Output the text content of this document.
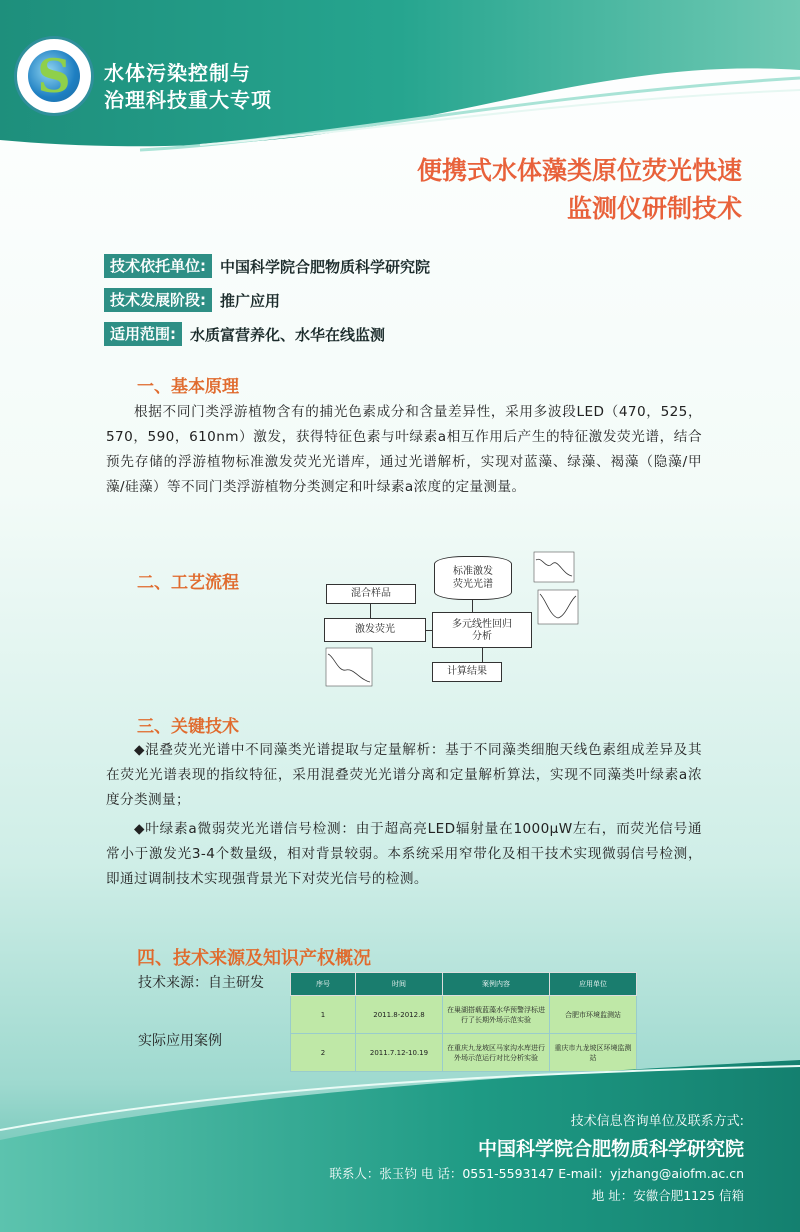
S 水体污染控制与
治理科技重大专项
便携式水体藻类原位荧光快速
监测仪研制技术
技术依托单位: 中国科学院合肥物质科学研究院
技术发展阶段: 推广应用
适用范围: 水质富营养化、水华在线监测
一、基本原理

根据不同门类浮游植物含有的捕光色素成分和含量差异性，采用多波段LED（470，525，570，590，610nm）激发，获得特征色素与叶绿素a相互作用后产生的特征激发荧光谱，结合预先存储的浮游植物标准激发荧光光谱库，通过光谱解析，实现对蓝藻、绿藻、褐藻（隐藻/甲藻/硅藻）等不同门类浮游植物分类测定和叶绿素a浓度的定量测量。

二、工艺流程
混合样品
激发荧光
标准激发
荧光光谱
多元线性回归
分析
计算结果
三、关键技术

◆混叠荧光光谱中不同藻类光谱提取与定量解析：基于不同藻类细胞天线色素组成差异及其在荧光光谱表现的指纹特征，采用混叠荧光光谱分离和定量解析算法，实现不同藻类叶绿素a浓度分类测量；

◆叶绿素a微弱荧光光谱信号检测：由于超高亮LED辐射量在1000μW左右，而荧光信号通常小于激发光3-4个数量级，相对背景较弱。本系统采用窄带化及相干技术实现微弱信号检测，即通过调制技术实现强背景光下对荧光信号的检测。

四、技术来源及知识产权概况
技术来源：自主研发
实际应用案例
序号	时间	案例内容	应用单位
1	2011.8-2012.8	在巢湖搭载蓝藻水华预警浮标进行了长期外场示范实验	合肥市环境监测站
2	2011.7.12-10.19	在重庆九龙坡区马家沟水库进行外场示范运行对比分析实验	重庆市九龙坡区环境监测站
技术信息咨询单位及联系方式:
中国科学院合肥物质科学研究院
联系人：张玉钧 电 话：0551-5593147 E-mail：yjzhang@aiofm.ac.cn
地 址：安徽合肥1125 信箱
